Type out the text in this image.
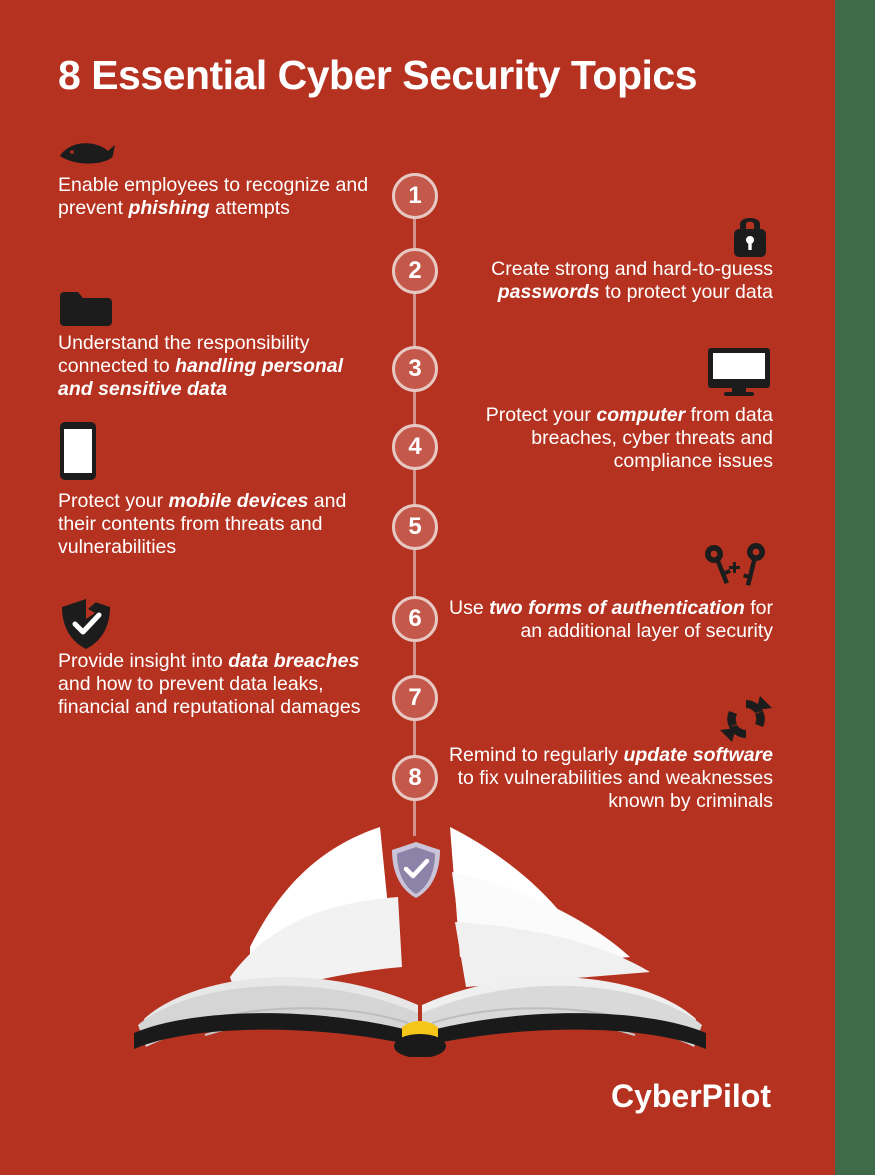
8 Essential Cyber Security Topics
1
Enable employees to recognize and prevent phishing attempts
2	Create strong and hard-to-guess passwords to protect your data
3
Understand the responsibility connected to handling personal and sensitive data
4
Protect your computer from data breaches, cyber threats and compliance issues
5
Protect your mobile devices and their contents from threats and vulnerabilities
6	Use two forms of authentication for an additional layer of security
7
Provide insight into data breaches and how to prevent data leaks, financial and reputational damages
8
Remind to regularly update software to fix vulnerabilities and weaknesses known by criminals
CyberPilot
